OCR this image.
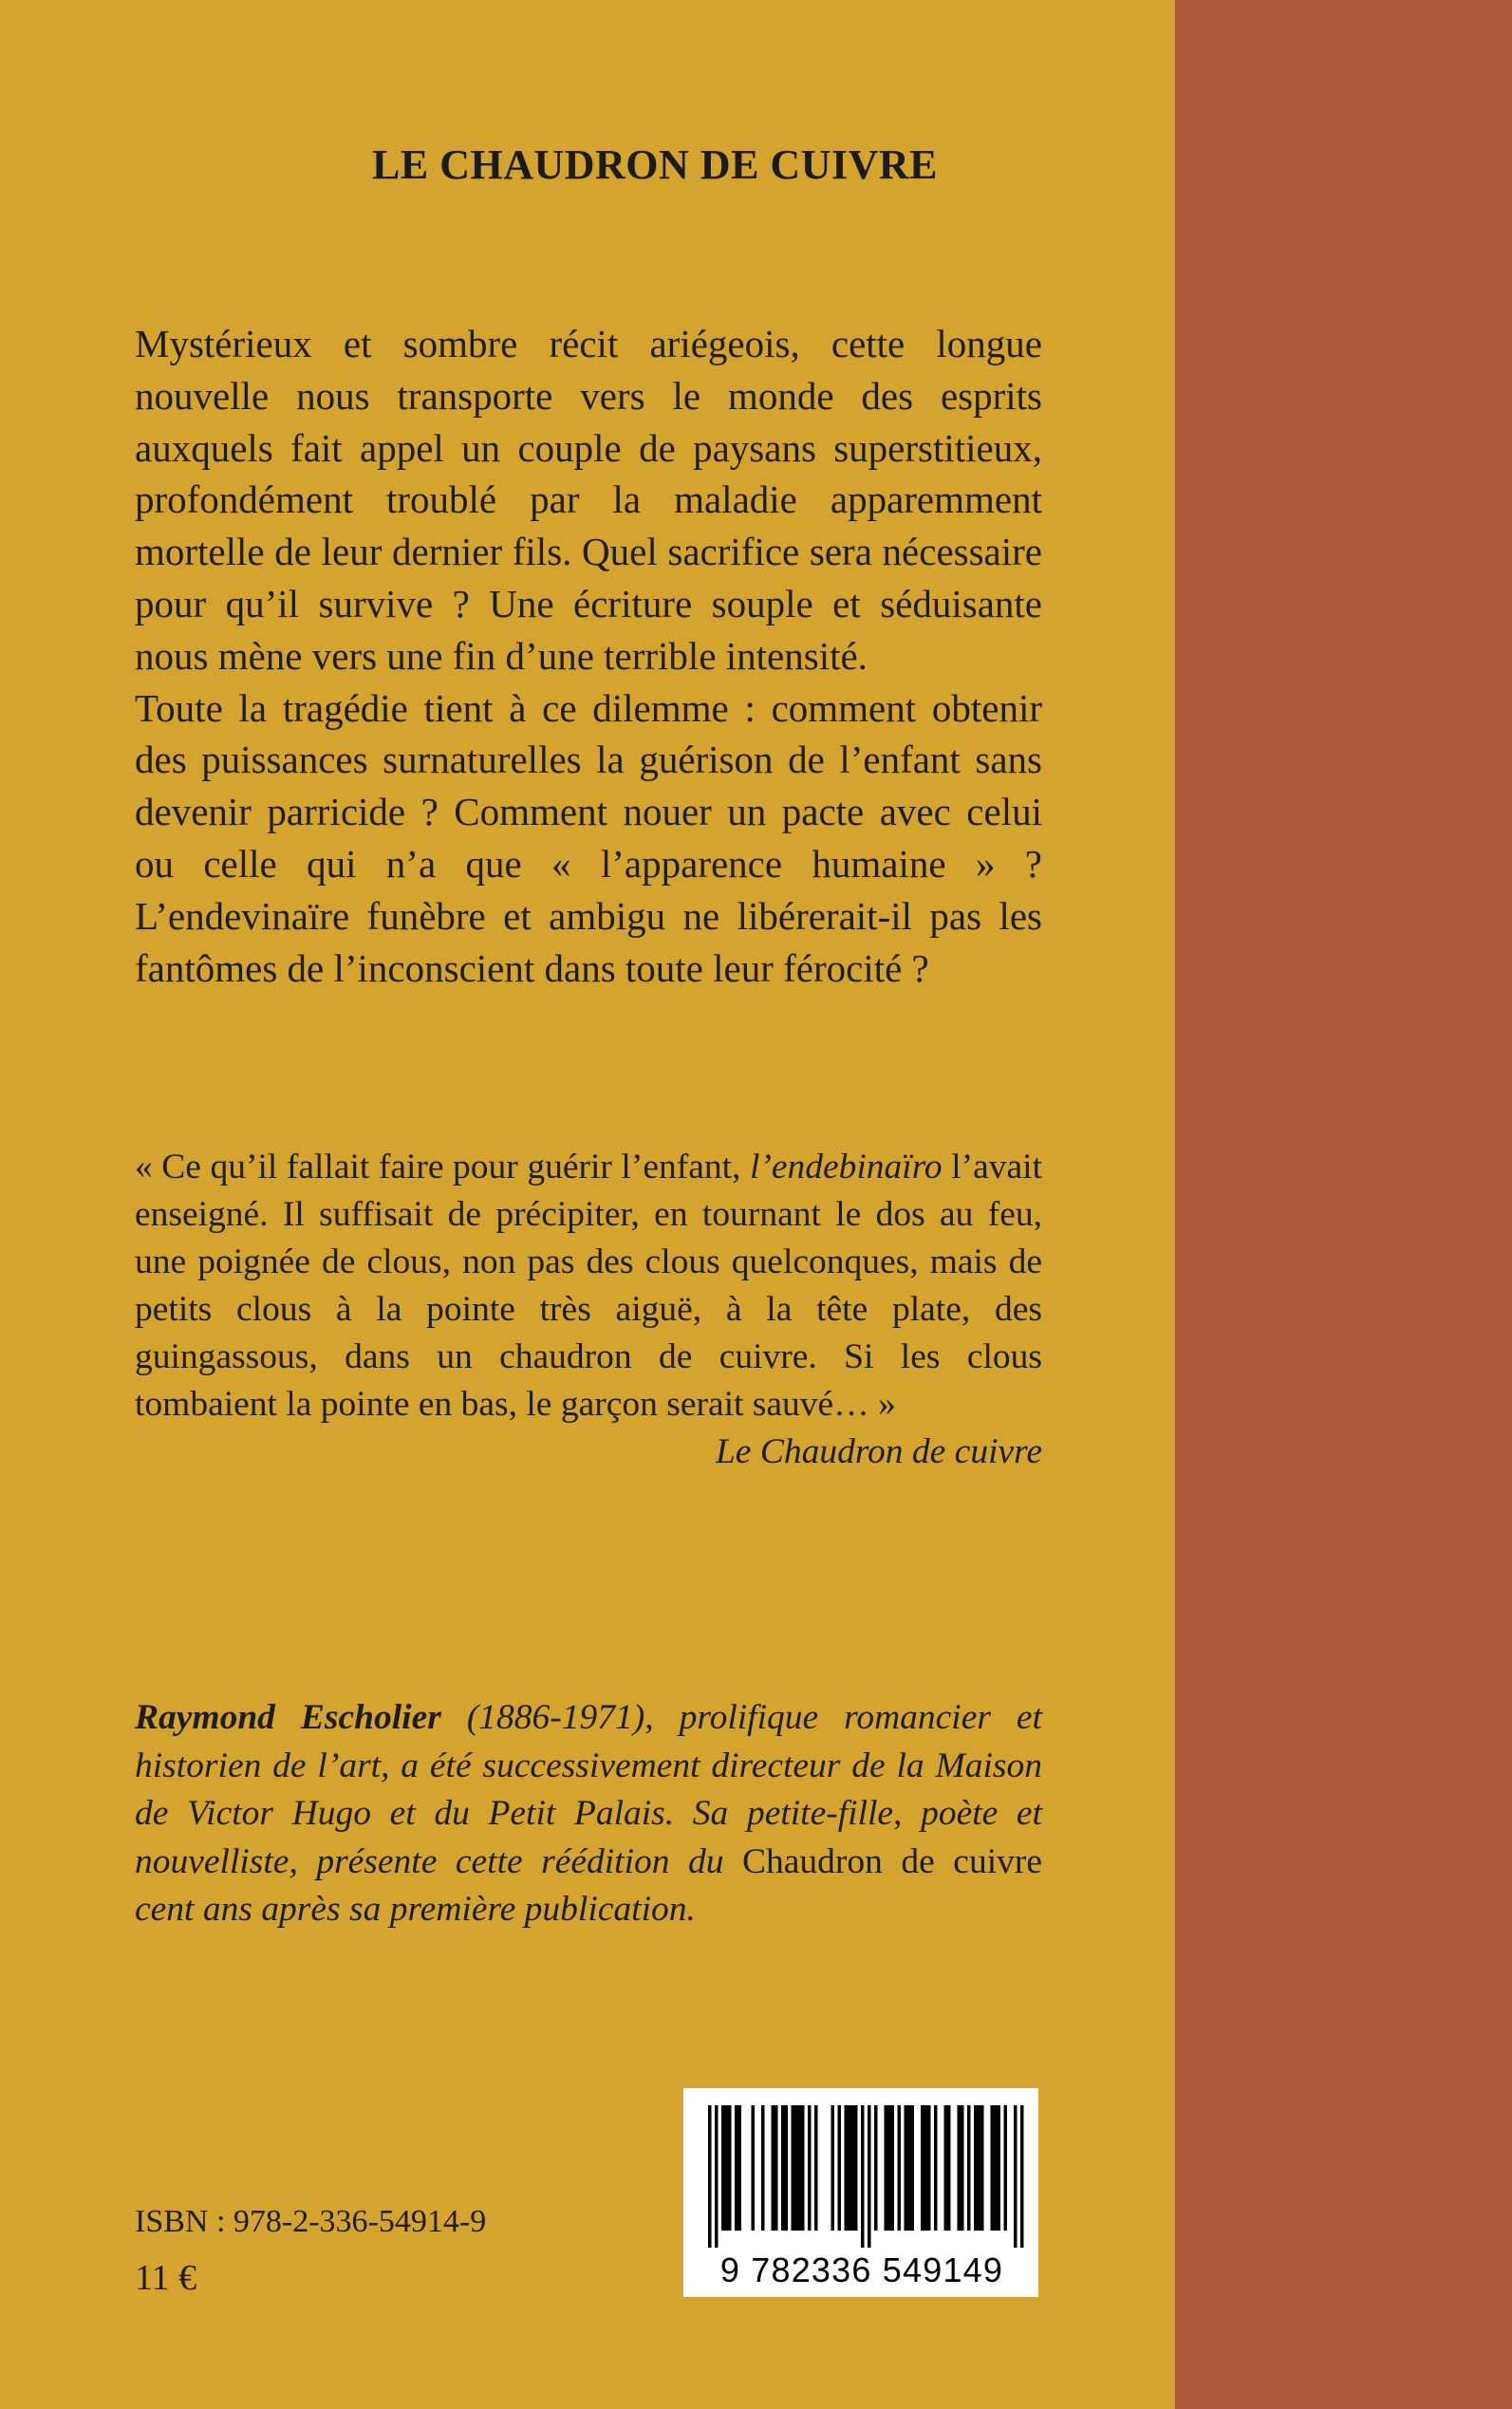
LE CHAUDRON DE CUIVRE

Mystérieux et sombre récit ariégeois, cette longue nouvelle nous transporte vers le monde des esprits auxquels fait appel un couple de paysans superstitieux, profondément troublé par la maladie apparemment mortelle de leur dernier fils. Quel sacrifice sera nécessaire pour qu’il survive ? Une écriture souple et séduisante nous mène vers une fin d’une terrible intensité.

Toute la tragédie tient à ce dilemme : comment obtenir des puissances surnaturelles la guérison de l’enfant sans devenir parricide ? Comment nouer un pacte avec celui ou celle qui n’a que « l’apparence humaine » ? L’endevinaïre funèbre et ambigu ne libérerait-il pas les fantômes de l’inconscient dans toute leur férocité ?

« Ce qu’il fallait faire pour guérir l’enfant, l’endebinaïro l’avait enseigné. Il suffisait de précipiter, en tournant le dos au feu, une poignée de clous, non pas des clous quelconques, mais de petits clous à la pointe très aiguë, à la tête plate, des guingassous, dans un chaudron de cuivre. Si les clous tombaient la pointe en bas, le garçon serait sauvé… »

Le Chaudron de cuivre

Raymond Escholier (1886-1971), prolifique romancier et historien de l’art, a été successivement directeur de la Maison de Victor Hugo et du Petit Palais. Sa petite-fille, poète et nouvelliste, présente cette réédition du Chaudron de cuivre cent ans après sa première publication.

ISBN : 978-2-336-54914-9
11 €	9 782336 549149
